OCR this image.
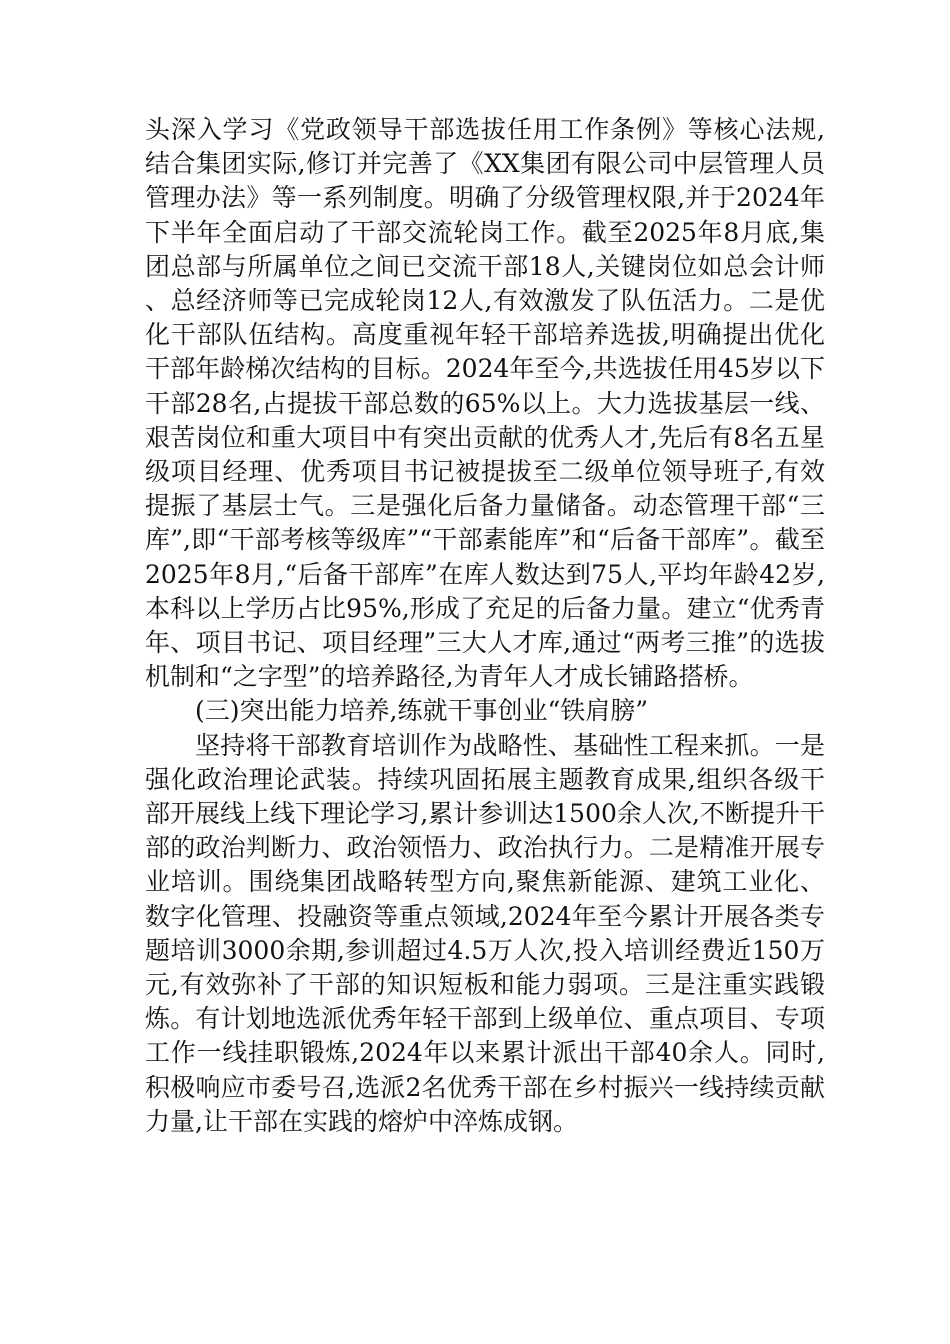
头深入学习《党政领导干部选拔任用工作条例》等核心法规,结合集团实际,修订并完善了《XX集团有限公司中层管理人员管理办法》等一系列制度。明确了分级管理权限,并于2024年下半年全面启动了干部交流轮岗工作。截至2025年8月底,集团总部与所属单位之间已交流干部18人,关键岗位如总会计师、总经济师等已完成轮岗12人,有效激发了队伍活力。二是优化干部队伍结构。高度重视年轻干部培养选拔,明确提出优化干部年龄梯次结构的目标。2024年至今,共选拔任用45岁以下干部28名,占提拔干部总数的65%以上。大力选拔基层一线、艰苦岗位和重大项目中有突出贡献的优秀人才,先后有8名五星级项目经理、优秀项目书记被提拔至二级单位领导班子,有效提振了基层士气。三是强化后备力量储备。动态管理干部“三库”,即“干部考核等级库”“干部素能库”和“后备干部库”。截至2025年8月,“后备干部库”在库人数达到75人,平均年龄42岁,本科以上学历占比95%,形成了充足的后备力量。建立“优秀青年、项目书记、项目经理”三大人才库,通过“两考三推”的选拔机制和“之字型”的培养路径,为青年人才成长铺路搭桥。

(三)突出能力培养,练就干事创业“铁肩膀”

坚持将干部教育培训作为战略性、基础性工程来抓。一是强化政治理论武装。持续巩固拓展主题教育成果,组织各级干部开展线上线下理论学习,累计参训达1500余人次,不断提升干部的政治判断力、政治领悟力、政治执行力。二是精准开展专业培训。围绕集团战略转型方向,聚焦新能源、建筑工业化、数字化管理、投融资等重点领域,2024年至今累计开展各类专题培训3000余期,参训超过4.5万人次,投入培训经费近150万元,有效弥补了干部的知识短板和能力弱项。三是注重实践锻炼。有计划地选派优秀年轻干部到上级单位、重点项目、专项工作一线挂职锻炼,2024年以来累计派出干部40余人。同时,积极响应市委号召,选派2名优秀干部在乡村振兴一线持续贡献力量,让干部在实践的熔炉中淬炼成钢。
